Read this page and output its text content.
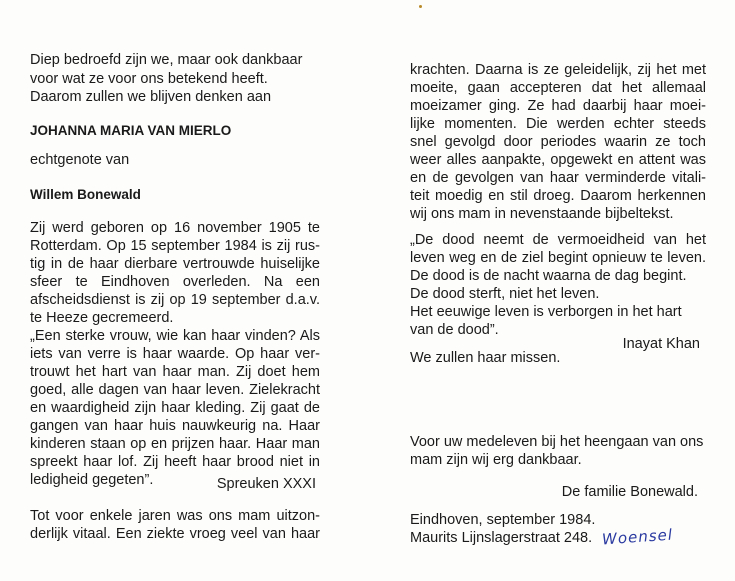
Diep bedroefd zijn we, maar ook dankbaar
voor wat ze voor ons betekend heeft.
Daarom zullen we blijven denken aan
JOHANNA MARIA VAN MIERLO
echtgenote van
Willem Bonewald
Zij werd geboren op 16 november 1905 te
Rotterdam. Op 15 september 1984 is zij rus-
tig in de haar dierbare vertrouwde huiselijke
sfeer te Eindhoven overleden. Na een
afscheidsdienst is zij op 19 september d.a.v.
te Heeze gecremeerd.
„Een sterke vrouw, wie kan haar vinden? Als
iets van verre is haar waarde. Op haar ver-
trouwt het hart van haar man. Zij doet hem
goed, alle dagen van haar leven. Zielekracht
en waardigheid zijn haar kleding. Zij gaat de
gangen van haar huis nauwkeurig na. Haar
kinderen staan op en prijzen haar. Haar man
spreekt haar lof. Zij heeft haar brood niet in
ledigheid gegeten”.	Spreuken XXXI
Tot voor enkele jaren was ons mam uitzon-
derlijk vitaal. Een ziekte vroeg veel van haar
krachten. Daarna is ze geleidelijk, zij het met
moeite, gaan accepteren dat het allemaal
moeizamer ging. Ze had daarbij haar moei-
lijke momenten. Die werden echter steeds
snel gevolgd door periodes waarin ze toch
weer alles aanpakte, opgewekt en attent was
en de gevolgen van haar verminderde vitali-
teit moedig en stil droeg. Daarom herkennen
wij ons mam in nevenstaande bijbeltekst.
„De dood neemt de vermoeidheid van het
leven weg en de ziel begint opnieuw te leven.
De dood is de nacht waarna de dag begint.
De dood sterft, niet het leven.
Het eeuwige leven is verborgen in het hart
van de dood”.
Inayat Khan
We zullen haar missen.
Voor uw medeleven bij het heengaan van ons
mam zijn wij erg dankbaar.
De familie Bonewald.
Eindhoven, september 1984.
Maurits Lijnslagerstraat 248. Woensel
